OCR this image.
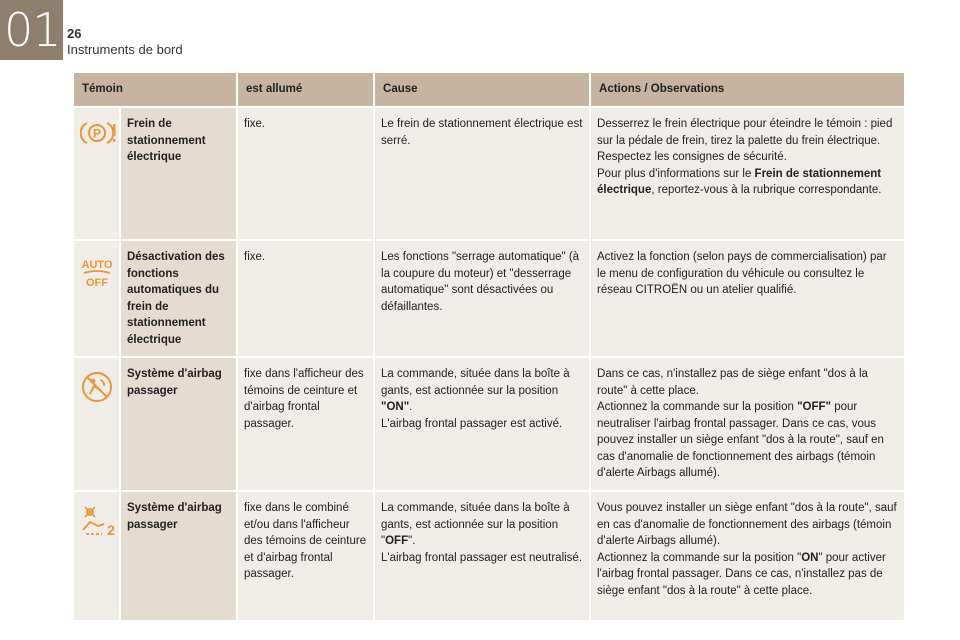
01 26
Instruments de bord
Témoin		est allumé	Cause	Actions / Observations

P	Frein de stationnement électrique	fixe.	Le frein de stationnement électrique est serré.	Desserrez le frein électrique pour éteindre le témoin : pied sur la pédale de frein, tirez la palette du frein électrique.
Respectez les consignes de sécurité.
Pour plus d'informations sur le Frein de stationnement électrique, reportez-vous à la rubrique correspondante.

AUTO
OFF	Désactivation des fonctions automatiques du frein de stationnement électrique	fixe.	Les fonctions "serrage automatique" (à la coupure du moteur) et "desserrage automatique" sont désactivées ou défaillantes.	Activez la fonction (selon pays de commercialisation) par le menu de configuration du véhicule ou consultez le réseau CITROËN ou un atelier qualifié.
	Système d'airbag passager	fixe dans l'afficheur des témoins de ceinture et d'airbag frontal passager.	La commande, située dans la boîte à gants, est actionnée sur la position "ON".
L'airbag frontal passager est activé.	Dans ce cas, n'installez pas de siège enfant "dos à la route" à cette place.
Actionnez la commande sur la position "OFF" pour neutraliser l'airbag frontal passager. Dans ce cas, vous pouvez installer un siège enfant "dos à la route", sauf en cas d'anomalie de fonctionnement des airbags (témoin d'alerte Airbags allumé).

2	Système d'airbag passager	fixe dans le combiné et/ou dans l'afficheur des témoins de ceinture et d'airbag frontal passager.	La commande, située dans la boîte à gants, est actionnée sur la position "OFF".
L'airbag frontal passager est neutralisé.	Vous pouvez installer un siège enfant "dos à la route", sauf en cas d'anomalie de fonctionnement des airbags (témoin d'alerte Airbags allumé).
Actionnez la commande sur la position "ON" pour activer l'airbag frontal passager. Dans ce cas, n'installez pas de siège enfant "dos à la route" à cette place.
